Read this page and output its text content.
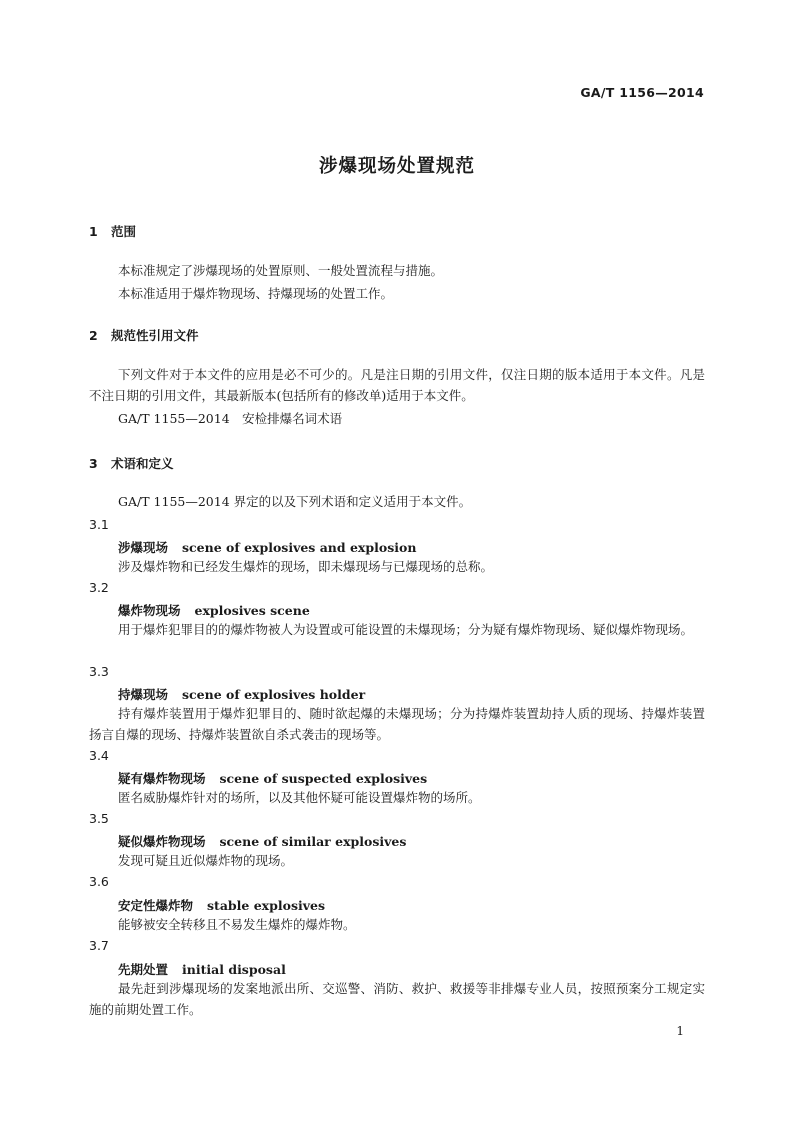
GA/T 1156—2014
涉爆现场处置规范
1 范围
本标准规定了涉爆现场的处置原则、一般处置流程与措施。
本标准适用于爆炸物现场、持爆现场的处置工作。
2 规范性引用文件
下列文件对于本文件的应用是必不可少的。凡是注日期的引用文件，仅注日期的版本适用于本文件。凡是不注日期的引用文件，其最新版本(包括所有的修改单)适用于本文件。
GA/T 1155—2014　安检排爆名词术语
3 术语和定义
GA/T 1155—2014 界定的以及下列术语和定义适用于本文件。
3.1
涉爆现场 scene of explosives and explosion
涉及爆炸物和已经发生爆炸的现场，即未爆现场与已爆现场的总称。
3.2
爆炸物现场 explosives scene
用于爆炸犯罪目的的爆炸物被人为设置或可能设置的未爆现场；分为疑有爆炸物现场、疑似爆炸物现场。
3.3
持爆现场 scene of explosives holder
持有爆炸装置用于爆炸犯罪目的、随时欲起爆的未爆现场；分为持爆炸装置劫持人质的现场、持爆炸装置扬言自爆的现场、持爆炸装置欲自杀式袭击的现场等。
3.4
疑有爆炸物现场 scene of suspected explosives
匿名威胁爆炸针对的场所，以及其他怀疑可能设置爆炸物的场所。
3.5
疑似爆炸物现场 scene of similar explosives
发现可疑且近似爆炸物的现场。
3.6
安定性爆炸物 stable explosives
能够被安全转移且不易发生爆炸的爆炸物。
3.7
先期处置 initial disposal
最先赶到涉爆现场的发案地派出所、交巡警、消防、救护、救援等非排爆专业人员，按照预案分工规定实施的前期处置工作。
1
